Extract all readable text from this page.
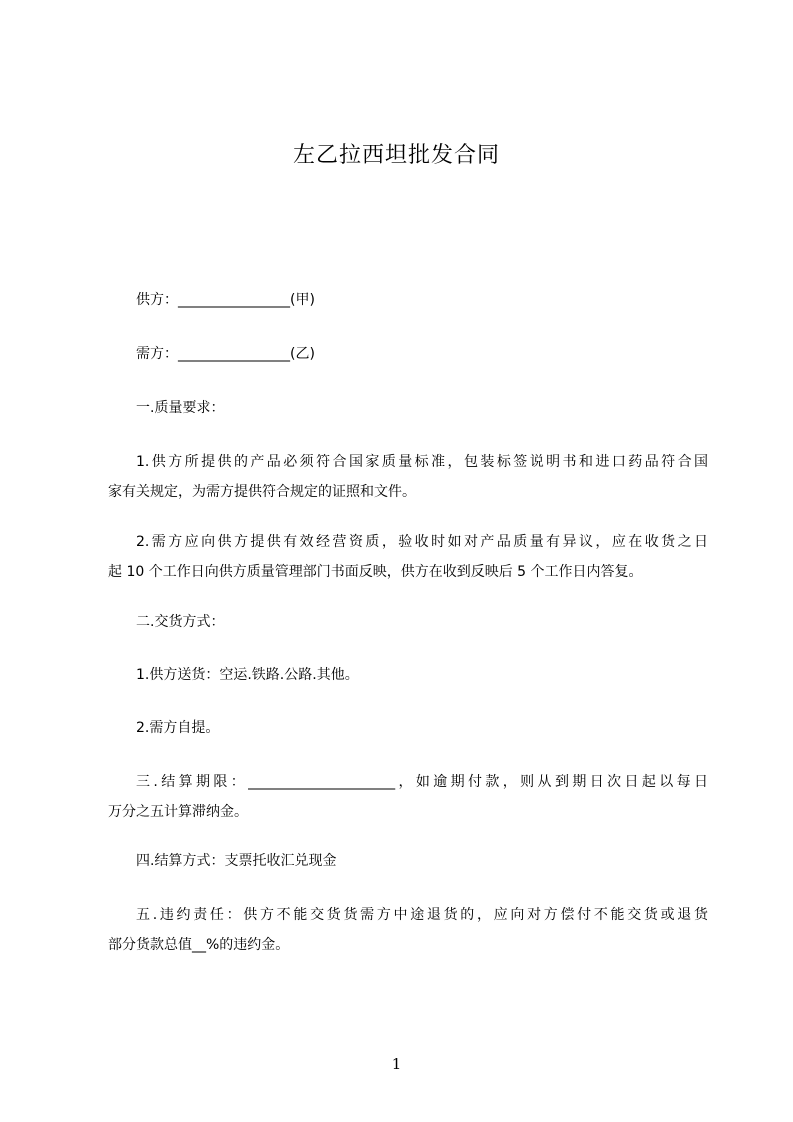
左乙拉西坦批发合同
供方：________________(甲)
需方：________________(乙)
一.质量要求：
1.供方所提供的产品必须符合国家质量标准，包装标签说明书和进口药品符合国
家有关规定，为需方提供符合规定的证照和文件。
2.需方应向供方提供有效经营资质，验收时如对产品质量有异议，应在收货之日
起 10 个工作日向供方质量管理部门书面反映，供方在收到反映后 5 个工作日内答复。
二.交货方式：
1.供方送货：空运.铁路.公路.其他。
2.需方自提。
三.结算期限：_____________________，如逾期付款，则从到期日次日起以每日
万分之五计算滞纳金。
四.结算方式：支票托收汇兑现金
五.违约责任：供方不能交货货需方中途退货的，应向对方偿付不能交货或退货
部分货款总值__%的违约金。
1
